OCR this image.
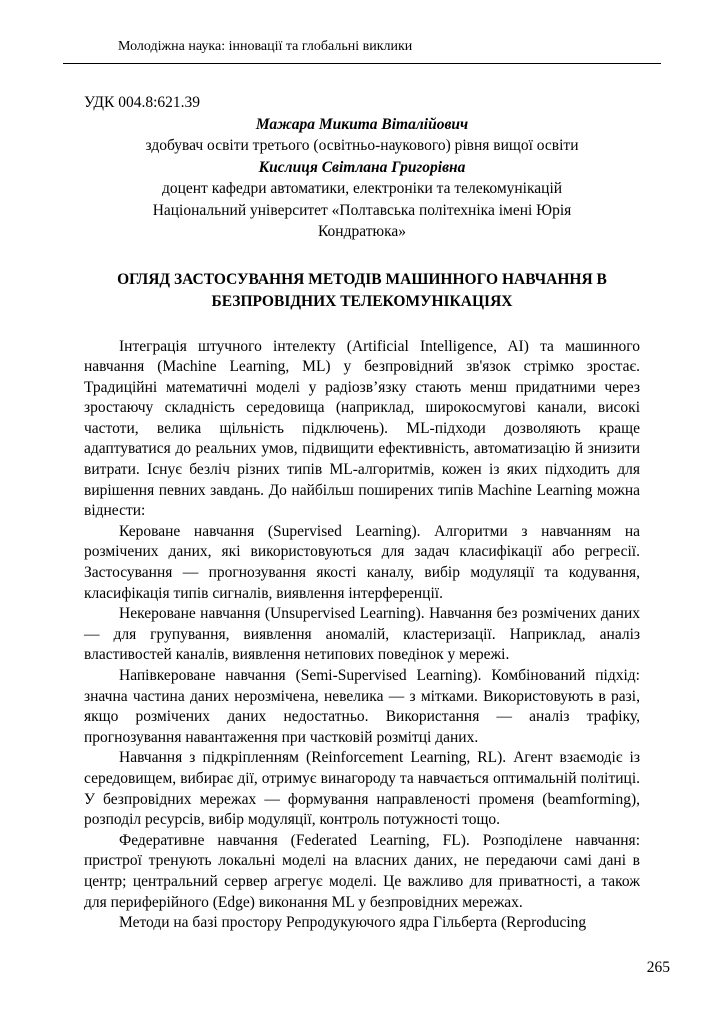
Молодіжна наука: інновації та глобальні виклики

УДК 004.8:621.39

Мажара Микита Віталійович

здобувач освіти третього (освітньо-наукового) рівня вищої освіти

Кислиця Світлана Григорівна

доцент кафедри автоматики, електроніки та телекомунікацій

Національний університет «Полтавська політехніка імені Юрія Кондратюка»

ОГЛЯД ЗАСТОСУВАННЯ МЕТОДІВ МАШИННОГО НАВЧАННЯ В БЕЗПРОВІДНИХ ТЕЛЕКОМУНІКАЦІЯХ

Інтеграція штучного інтелекту (Artificial Intelligence, AI) та машинного навчання (Machine Learning, ML) у безпровідний зв'язок стрімко зростає. Традиційні математичні моделі у радіозв’язку стають менш придатними через зростаючу складність середовища (наприклад, широкосмугові канали, високі частоти, велика щільність підключень). ML-підходи дозволяють краще адаптуватися до реальних умов, підвищити ефективність, автоматизацію й знизити витрати. Існує безліч різних типів ML-алгоритмів, кожен із яких підходить для вирішення певних завдань. До найбільш поширених типів Machine Learning можна віднести:

Кероване навчання (Supervised Learning). Алгоритми з навчанням на розмічених даних, які використовуються для задач класифікації або регресії. Застосування — прогнозування якості каналу, вибір модуляції та кодування, класифікація типів сигналів, виявлення інтерференції.

Некероване навчання (Unsupervised Learning). Навчання без розмічених даних — для групування, виявлення аномалій, кластеризації. Наприклад, аналіз властивостей каналів, виявлення нетипових поведінок у мережі.

Напівкероване навчання (Semi-Supervised Learning). Комбінований підхід: значна частина даних нерозмічена, невелика — з мітками. Використовують в разі, якщо розмічених даних недостатньо. Використання — аналіз трафіку, прогнозування навантаження при частковій розмітці даних.

Навчання з підкріпленням (Reinforcement Learning, RL). Агент взаємодіє із середовищем, вибирає дії, отримує винагороду та навчається оптимальній політиці. У безпровідних мережах — формування направленості променя (beamforming), розподіл ресурсів, вибір модуляції, контроль потужності тощо.

Федеративне навчання (Federated Learning, FL). Розподілене навчання: пристрої тренують локальні моделі на власних даних, не передаючи самі дані в центр; центральний сервер агрегує моделі. Це важливо для приватності, а також для периферійного (Edge) виконання ML у безпровідних мережах.

Методи на базі простору Репродукуючого ядра Гільберта (Reproducing

265
